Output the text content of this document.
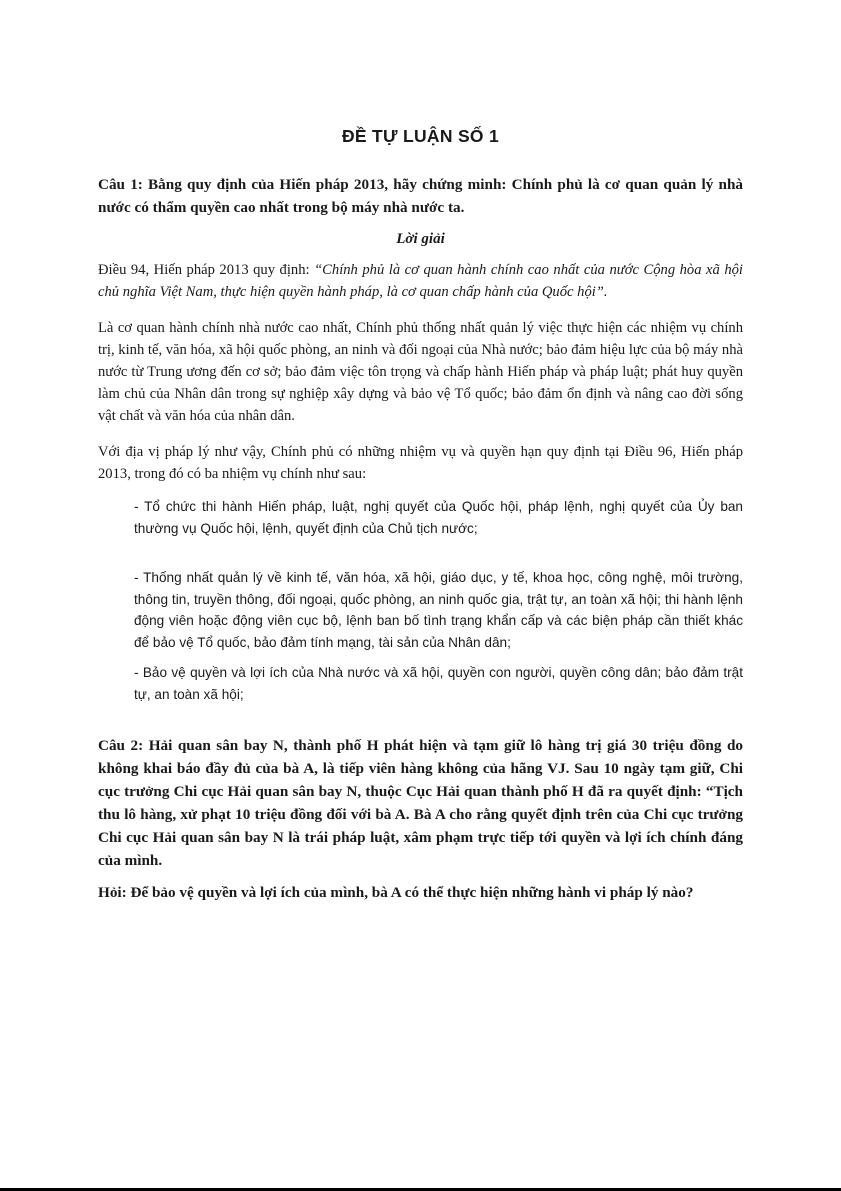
ĐỀ TỰ LUẬN SỐ 1

Câu 1: Bằng quy định của Hiến pháp 2013, hãy chứng minh: Chính phủ là cơ quan quản lý nhà nước có thẩm quyền cao nhất trong bộ máy nhà nước ta.

Lời giải

Điều 94, Hiến pháp 2013 quy định: “Chính phủ là cơ quan hành chính cao nhất của nước Cộng hòa xã hội chủ nghĩa Việt Nam, thực hiện quyền hành pháp, là cơ quan chấp hành của Quốc hội”.

Là cơ quan hành chính nhà nước cao nhất, Chính phủ thống nhất quản lý việc thực hiện các nhiệm vụ chính trị, kinh tế, văn hóa, xã hội quốc phòng, an ninh và đối ngoại của Nhà nước; bảo đảm hiệu lực của bộ máy nhà nước từ Trung ương đến cơ sở; bảo đảm việc tôn trọng và chấp hành Hiến pháp và pháp luật; phát huy quyền làm chủ của Nhân dân trong sự nghiệp xây dựng và bảo vệ Tổ quốc; bảo đảm ổn định và nâng cao đời sống vật chất và văn hóa của nhân dân.

Với địa vị pháp lý như vậy, Chính phủ có những nhiệm vụ và quyền hạn quy định tại Điều 96, Hiến pháp 2013, trong đó có ba nhiệm vụ chính như sau:

- Tổ chức thi hành Hiến pháp, luật, nghị quyết của Quốc hội, pháp lệnh, nghị quyết của Ủy ban thường vụ Quốc hội, lệnh, quyết định của Chủ tịch nước;

- Thống nhất quản lý về kinh tế, văn hóa, xã hội, giáo dục, y tế, khoa học, công nghệ, môi trường, thông tin, truyền thông, đối ngoại, quốc phòng, an ninh quốc gia, trật tự, an toàn xã hội; thi hành lệnh động viên hoặc động viên cục bộ, lệnh ban bố tình trạng khẩn cấp và các biện pháp cần thiết khác để bảo vệ Tổ quốc, bảo đảm tính mạng, tài sản của Nhân dân;

- Bảo vệ quyền và lợi ích của Nhà nước và xã hội, quyền con người, quyền công dân; bảo đảm trật tự, an toàn xã hội;

Câu 2: Hải quan sân bay N, thành phố H phát hiện và tạm giữ lô hàng trị giá 30 triệu đồng do không khai báo đầy đủ của bà A, là tiếp viên hàng không của hãng VJ. Sau 10 ngày tạm giữ, Chi cục trưởng Chi cục Hải quan sân bay N, thuộc Cục Hải quan thành phố H đã ra quyết định: “Tịch thu lô hàng, xử phạt 10 triệu đồng đối với bà A. Bà A cho rằng quyết định trên của Chi cục trưởng Chi cục Hải quan sân bay N là trái pháp luật, xâm phạm trực tiếp tới quyền và lợi ích chính đáng của mình.

Hỏi: Để bảo vệ quyền và lợi ích của mình, bà A có thể thực hiện những hành vi pháp lý nào?
